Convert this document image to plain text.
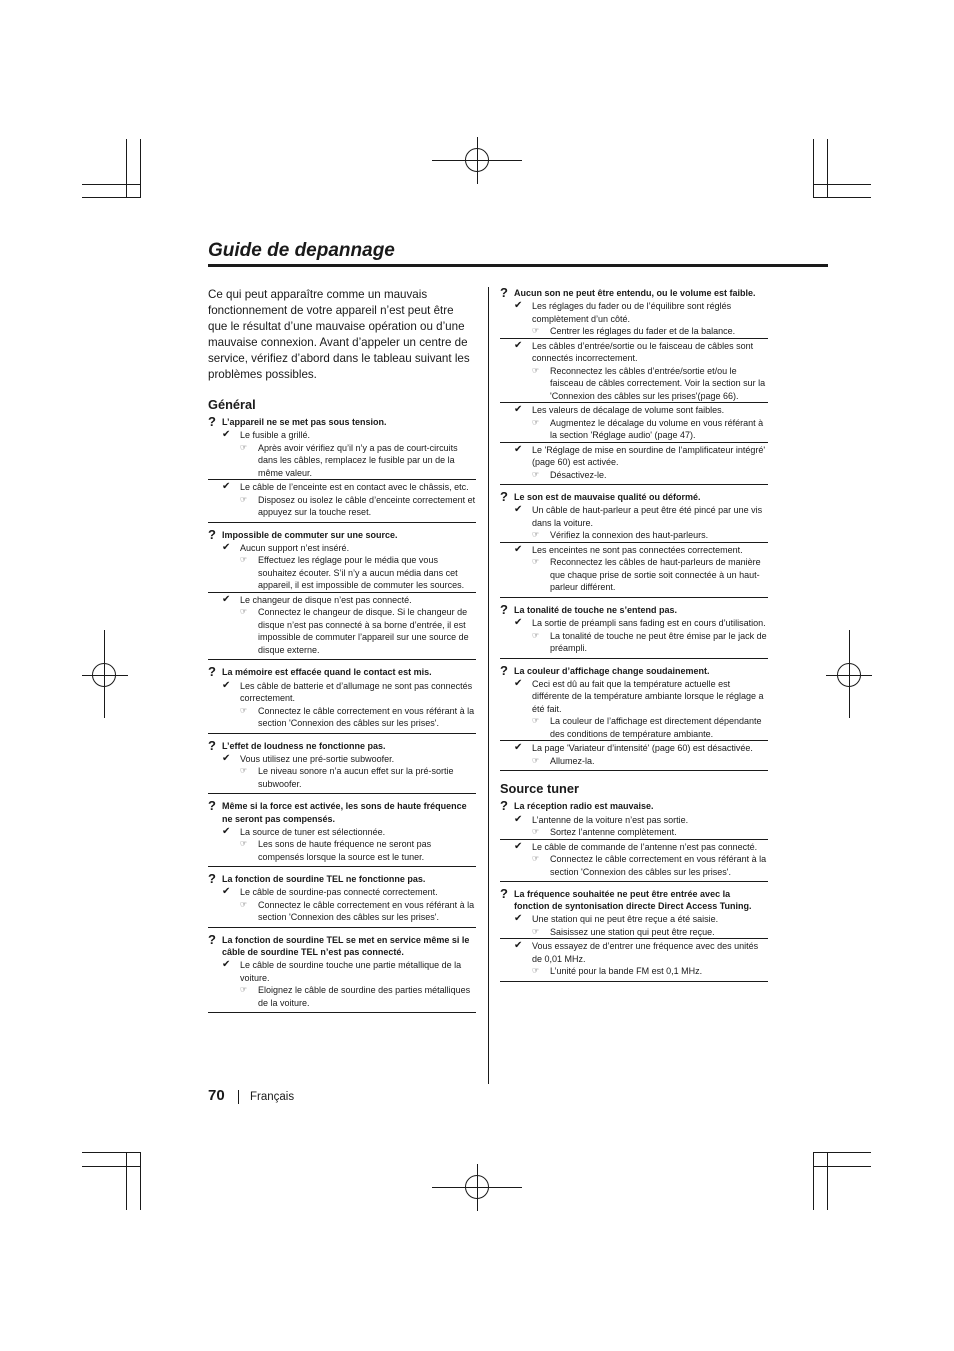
Guide de depannage

Ce qui peut apparaître comme un mauvais fonctionnement de votre appareil n’est peut être que le résultat d’une mauvaise opération ou d’une mauvaise connexion. Avant d’appeler un centre de service, vérifiez d’abord dans le tableau suivant les problèmes possibles.

Général
? L’appareil ne se met pas sous tension.
✔	Le fusible a grillé.
☞	Après avoir vérifiez qu’il n’y a pas de court-circuits dans les câbles, remplacez le fusible par un de la même valeur.
✔	Le câble de l’enceinte est en contact avec le châssis, etc.
☞	Disposez ou isolez le câble d’enceinte correctement et appuyez sur la touche reset.
? Impossible de commuter sur une source.
✔	Aucun support n’est inséré.
☞	Effectuez les réglage pour le média que vous souhaitez écouter. S’il n’y a aucun média dans cet appareil, il est impossible de commuter les sources.
✔	Le changeur de disque n’est pas connecté.
☞	Connectez le changeur de disque. Si le changeur de disque n’est pas connecté à sa borne d’entrée, il est impossible de commuter l’appareil sur une source de disque externe.
? La mémoire est effacée quand le contact est mis.
✔	Les câble de batterie et d’allumage ne sont pas connectés correctement.
☞	Connectez le câble correctement en vous référant à la section 'Connexion des câbles sur les prises'.
? L’effet de loudness ne fonctionne pas.
✔	Vous utilisez une pré-sortie subwoofer.
☞	Le niveau sonore n’a aucun effet sur la pré-sortie subwoofer.
? Même si la force est activée, les sons de haute fréquence ne seront pas compensés.
✔	La source de tuner est sélectionnée.
☞	Les sons de haute fréquence ne seront pas compensés lorsque la source est le tuner.
? La fonction de sourdine TEL ne fonctionne pas.
✔	Le câble de sourdine-pas connecté correctement.
☞	Connectez le câble correctement en vous référant à la section 'Connexion des câbles sur les prises'.
? La fonction de sourdine TEL se met en service même si le câble de sourdine TEL n’est pas connecté.
✔	Le câble de sourdine touche une partie métallique de la voiture.
☞	Eloignez le câble de sourdine des parties métalliques de la voiture.
? Aucun son ne peut être entendu, ou le volume est faible.
✔	Les réglages du fader ou de l’équilibre sont réglés complètement d’un côté.
☞	Centrer les réglages du fader et de la balance.
✔	Les câbles d’entrée/sortie ou le faisceau de câbles sont connectés incorrectement.
☞	Reconnectez les câbles d’entrée/sortie et/ou le faisceau de câbles correctement. Voir la section sur la 'Connexion des câbles sur les prises'(page 66).
✔	Les valeurs de décalage de volume sont faibles.
☞	Augmentez le décalage du volume en vous référant à la section 'Réglage audio' (page 47).
✔	Le 'Réglage de mise en sourdine de l’amplificateur intégré' (page 60) est activée.
☞	Désactivez-le.
? Le son est de mauvaise qualité ou déformé.
✔	Un câble de haut-parleur a peut être été pincé par une vis dans la voiture.
☞	Vérifiez la connexion des haut-parleurs.
✔	Les enceintes ne sont pas connectées correctement.
☞	Reconnectez les câbles de haut-parleurs de manière que chaque prise de sortie soit connectée à un haut-parleur différent.
? La tonalité de touche ne s’entend pas.
✔	La sortie de préampli sans fading est en cours d’utilisation.
☞	La tonalité de touche ne peut être émise par le jack de préampli.
? La couleur d’affichage change soudainement.
✔	Ceci est dû au fait que la température actuelle est différente de la température ambiante lorsque le réglage a été fait.
☞	La couleur de l’affichage est directement dépendante des conditions de température ambiante.
✔	La page 'Variateur d’intensité' (page 60) est désactivée.
☞	Allumez-la.
Source tuner
? La réception radio est mauvaise.
✔	L’antenne de la voiture n’est pas sortie.
☞	Sortez l’antenne complètement.
✔	Le câble de commande de l’antenne n’est pas connecté.
☞	Connectez le câble correctement en vous référant à la section 'Connexion des câbles sur les prises'.
? La fréquence souhaitée ne peut être entrée avec la fonction de syntonisation directe Direct Access Tuning.
✔	Une station qui ne peut être reçue a été saisie.
☞	Saisissez une station qui peut être reçue.
✔	Vous essayez de d’entrer une fréquence avec des unités de 0,01 MHz.
☞	L’unité pour la bande FM est 0,1 MHz.
70 Français
